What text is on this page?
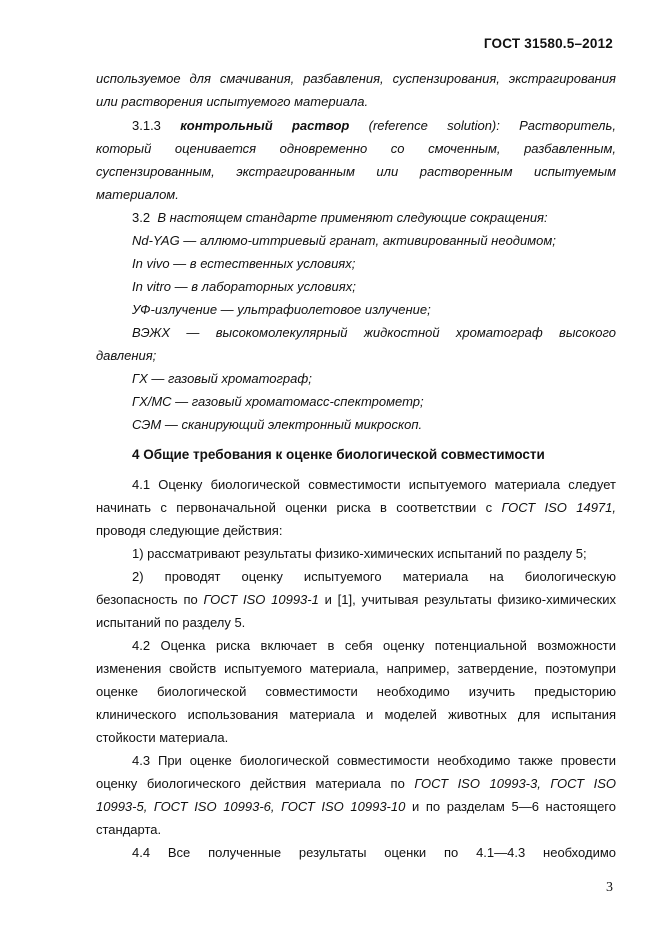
ГОСТ 31580.5–2012
используемое для смачивания, разбавления, суспензирования, экстрагирования
или растворения испытуемого материала.
3.1.3 контрольный раствор (reference solution): Растворитель,
который оценивается одновременно со смоченным, разбавленным,
суспензированным, экстрагированным или растворенным испытуемым
материалом.
3.2 В настоящем стандарте применяют следующие сокращения:
Nd-YAG — аллюмо-иттриевый гранат, активированный неодимом;
In vivo — в естественных условиях;
In vitro — в лабораторных условиях;
УФ-излучение — ультрафиолетовое излучение;
ВЭЖХ — высокомолекулярный жидкостной хроматограф высокого
давления;
ГХ — газовый хроматограф;
ГХ/МС — газовый хроматомасс-спектрометр;
СЭМ — сканирующий электронный микроскоп.
4 Общие требования к оценке биологической совместимости
4.1 Оценку биологической совместимости испытуемого материала следует
начинать с первоначальной оценки риска в соответствии с ГОСТ ISO 14971,
проводя следующие действия:
1) рассматривают результаты физико-химических испытаний по разделу 5;
2) проводят оценку испытуемого материала на биологическую
безопасность по ГОСТ ISO 10993-1 и [1], учитывая результаты физико-химических
испытаний по разделу 5.
4.2 Оценка риска включает в себя оценку потенциальной возможности
изменения свойств испытуемого материала, например, затвердение, поэтомупри
оценке биологической совместимости необходимо изучить предысторию
клинического использования материала и моделей животных для испытания
стойкости материала.
4.3 При оценке биологической совместимости необходимо также провести
оценку биологического действия материала по ГОСТ ISO 10993-3, ГОСТ ISO
10993-5, ГОСТ ISO 10993-6, ГОСТ ISO 10993-10 и по разделам 5—6 настоящего
стандарта.
4.4 Все полученные результаты оценки по 4.1—4.3 необходимо
3
